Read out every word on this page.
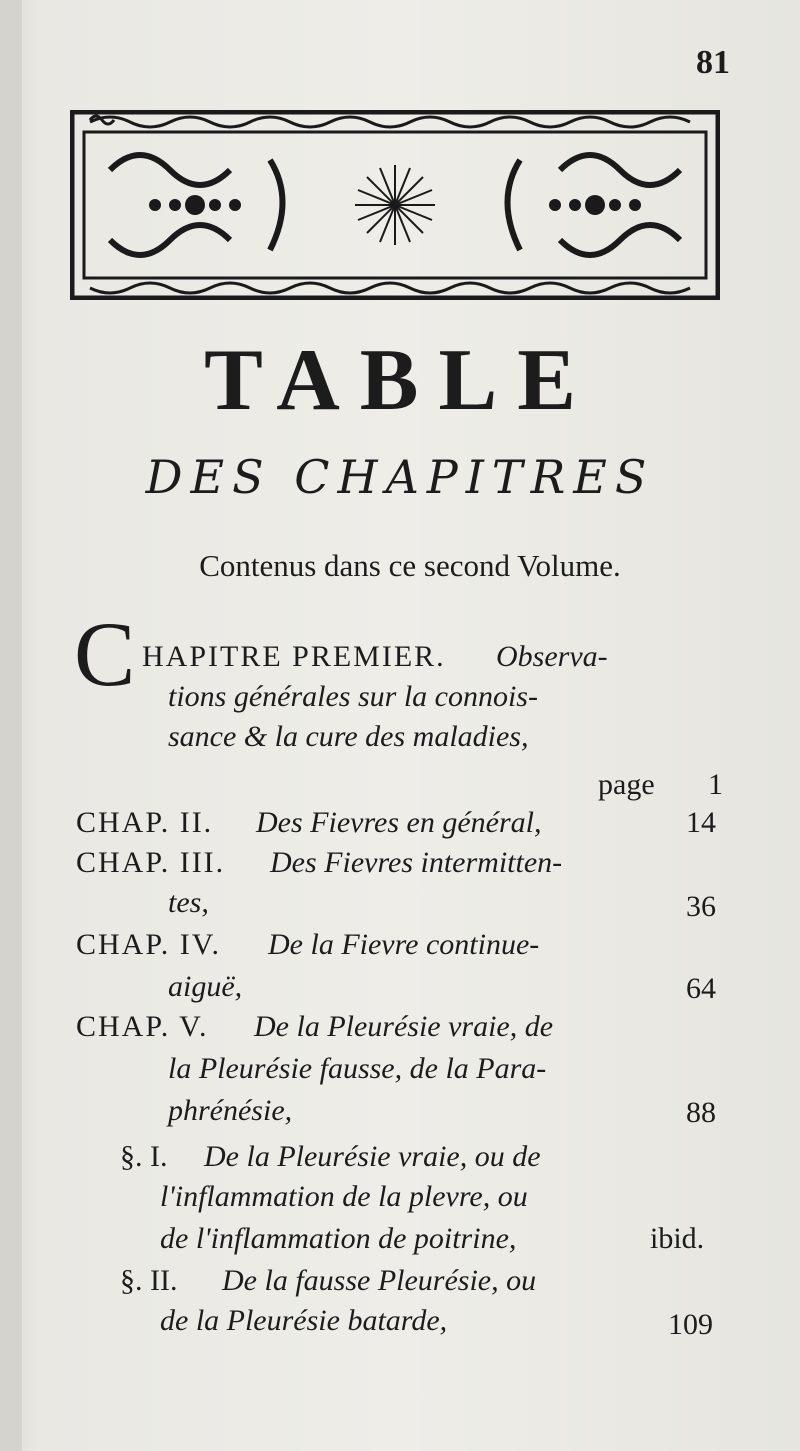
81
TABLE
DES CHAPITRES
Contenus dans ce second Volume.
C HAPITRE PREMIER. Observa-
tions générales sur la connois-
sance & la cure des maladies,
page 1
CHAP. II. Des Fievres en général,	14
CHAP. III. Des Fievres intermitten-
tes,	36
CHAP. IV. De la Fievre continue-
aiguë,	64
CHAP. V. De la Pleurésie vraie, de
la Pleurésie fausse, de la Para-
phrénésie,	88
§. I. De la Pleurésie vraie, ou de
l'inflammation de la plevre, ou
de l'inflammation de poitrine,	ibid.
§. II. De la fausse Pleurésie, ou
de la Pleurésie batarde,	109
